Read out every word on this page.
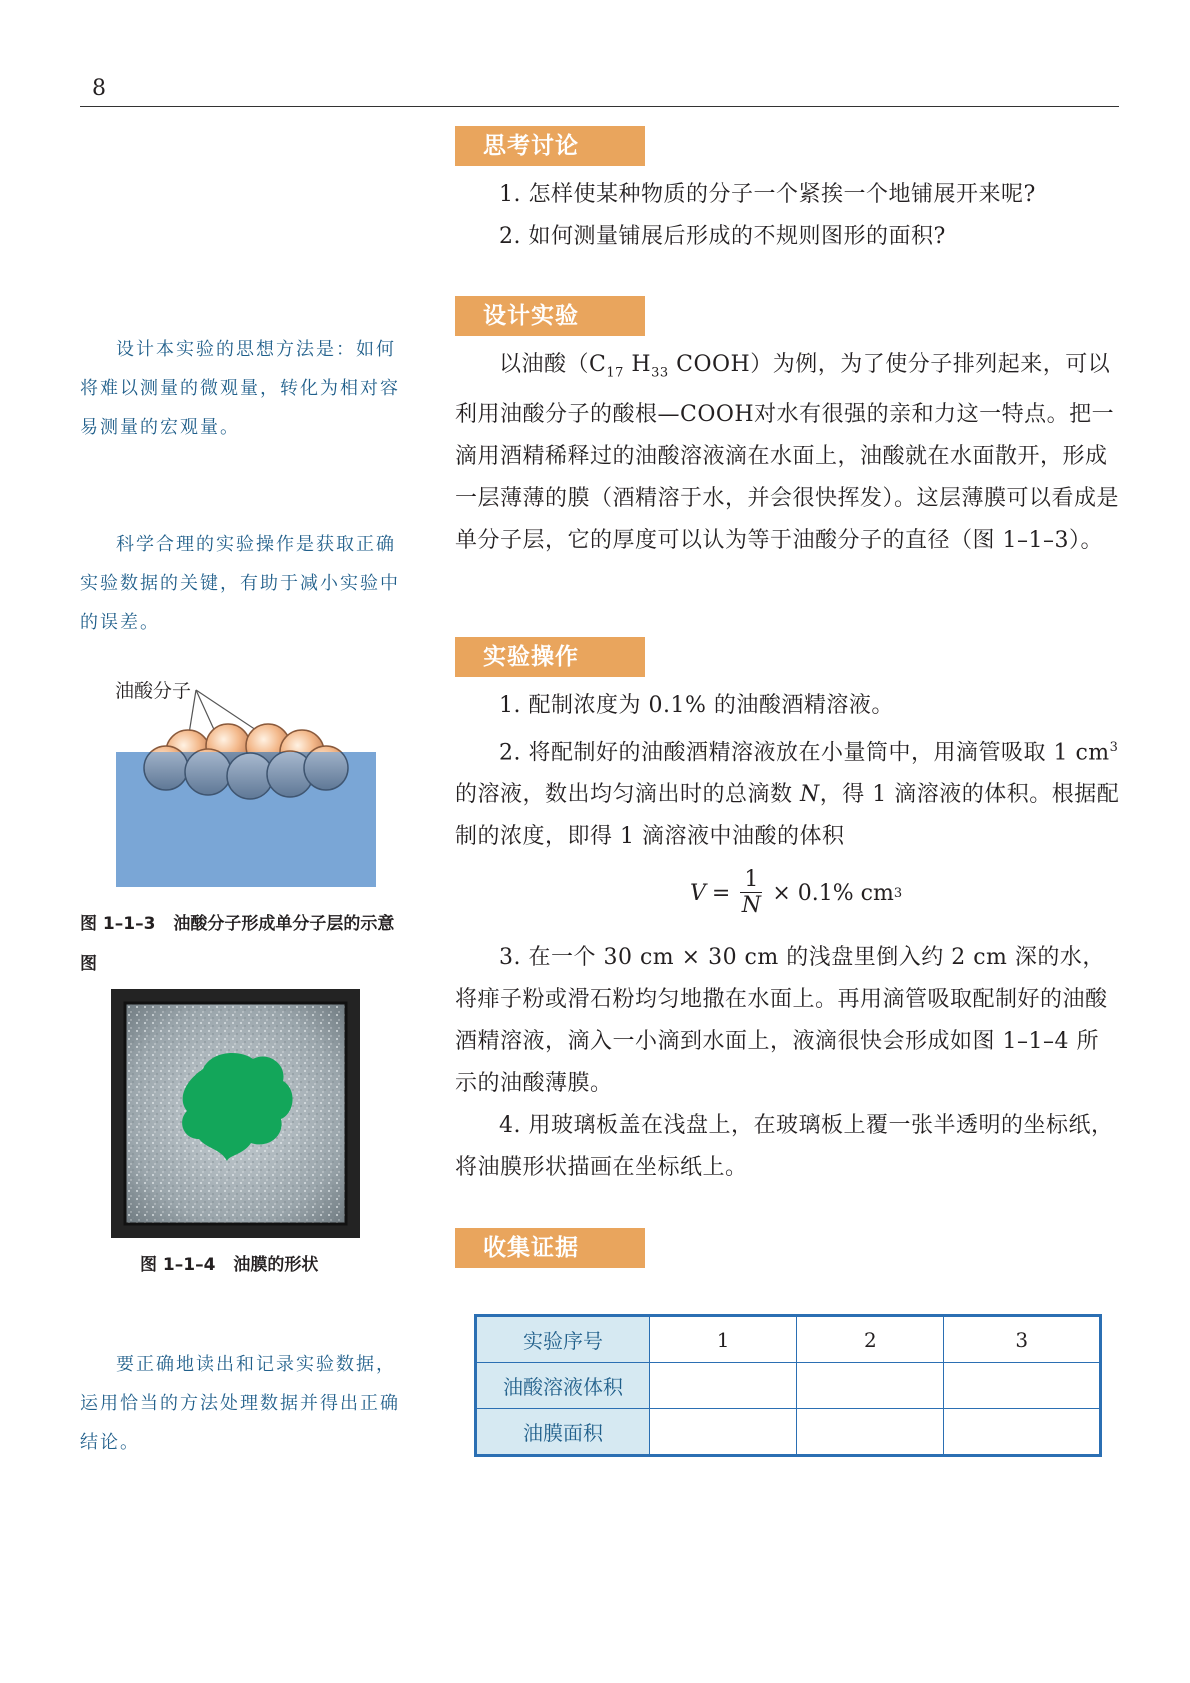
8
设计本实验的思想方法是：如何将难以测量的微观量，转化为相对容易测量的宏观量。
科学合理的实验操作是获取正确实验数据的关键，有助于减小实验中的误差。
要正确地读出和记录实验数据，运用恰当的方法处理数据并得出正确结论。
油酸分子
图 1–1–3 油酸分子形成单分子层的示意图
图 1–1–4 油膜的形状
思考讨论
1. 怎样使某种物质的分子一个紧挨一个地铺展开来呢?
2. 如何测量铺展后形成的不规则图形的面积?
设计实验
以油酸（$C_{17}$ $H_{33}$ COOH）为例，为了使分子排列起来，可以利用油酸分子的酸根—COOH对水有很强的亲和力这一特点。把一滴用酒精稀释过的油酸溶液滴在水面上，油酸就在水面散开，形成一层薄薄的膜（酒精溶于水，并会很快挥发）。这层薄膜可以看成是单分子层，它的厚度可以认为等于油酸分子的直径（图 1–1–3）。
实验操作
1. 配制浓度为 0.1% 的油酸酒精溶液。
2. 将配制好的油酸酒精溶液放在小量筒中，用滴管吸取 1 $cm^3$ 的溶液，数出均匀滴出时的总滴数 N，得 1 滴溶液的体积。根据配制的浓度，即得 1 滴溶液中油酸的体积
$V = \frac{1}{N} \times 0.1\%$ cm 3
3. 在一个 30 cm × 30 cm 的浅盘里倒入约 2 cm 深的水，将痱子粉或滑石粉均匀地撒在水面上。再用滴管吸取配制好的油酸酒精溶液，滴入一小滴到水面上，液滴很快会形成如图 1–1–4 所示的油酸薄膜。
4. 用玻璃板盖在浅盘上，在玻璃板上覆一张半透明的坐标纸，将油膜形状描画在坐标纸上。
收集证据
实验序号	1	2	3
油酸溶液体积			
油膜面积			
